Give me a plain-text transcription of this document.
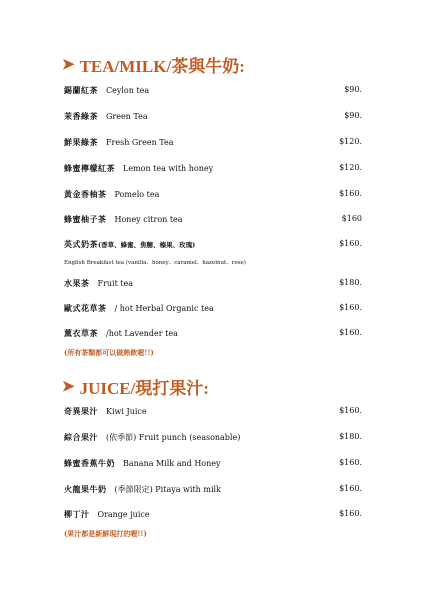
➤ TEA/MILK/茶與牛奶:
錫蘭紅茶 Ceylon tea	$90.
茉香綠茶 Green Tea	$90.
鮮果綠茶 Fresh Green Tea	$120.
蜂蜜檸檬紅茶 Lemon tea with honey	$120.
黃金香柚茶 Pomelo tea	$160.
蜂蜜柚子茶 Honey citron tea	$160
英式奶茶(香草、蜂蜜、焦糖、榛果、玫瑰)	$160.
English Breakfast tea (vanilla、honey、caramel、hazelnut、rose)
水果茶 Fruit tea	$180.
歐式花草茶 / hot Herbal Organic tea	$160.
薰衣草茶 /hot Lavender tea	$160.
(所有茶類都可以做熱飲喔!!)
➤ JUICE/現打果汁:
奇異果汁 Kiwi Juice	$160.
綜合果汁 (依季節) Fruit punch (seasonable)	$180.
蜂蜜香蕉牛奶 Banana Milk and Honey	$160.
火龍果牛奶 (季節限定) Pitaya with milk	$160.
柳丁汁 Orange juice	$160.
(果汁都是新鮮現打的喔!!)
